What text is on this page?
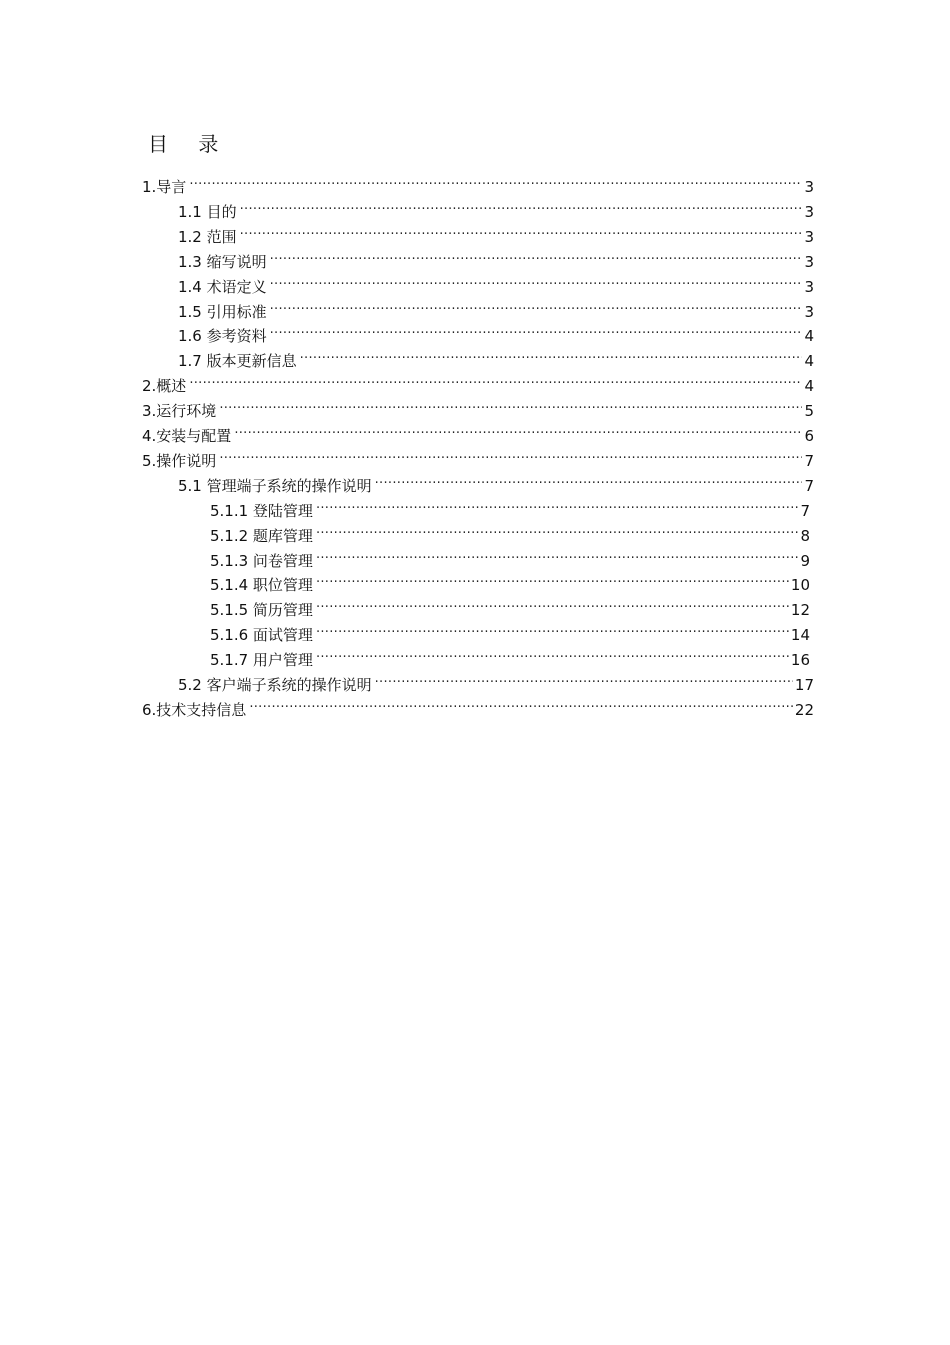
目 录
1.导言 .....	3
1.1 目的 .....	3
1.2 范围 .....	3
1.3 缩写说明 .....	3
1.4 术语定义 .....	3
1.5 引用标准 .....	3
1.6 参考资料 .....	4
1.7 版本更新信息 .....	4
2.概述 .....	4
3.运行环境 .....	5
4.安装与配置 .....	6
5.操作说明 .....	7
5.1 管理端子系统的操作说明 .....	7
5.1.1 登陆管理 .....	7
5.1.2 题库管理 .....	8
5.1.3 问卷管理 .....	9
5.1.4 职位管理 .....	10
5.1.5 简历管理 .....	12
5.1.6 面试管理 .....	14
5.1.7 用户管理 .....	16
5.2 客户端子系统的操作说明 .....	17
6.技术支持信息 .....	22
